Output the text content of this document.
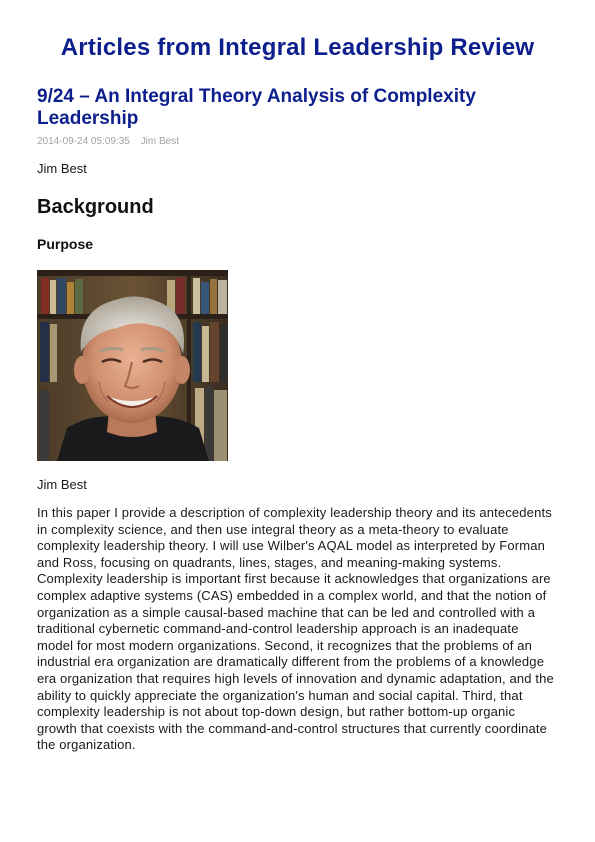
Articles from Integral Leadership Review
9/24 – An Integral Theory Analysis of Complexity Leadership
2014-09-24 05:09:35 Jim Best
Jim Best
Background
Purpose
Jim Best

In this paper I provide a description of complexity leadership theory and its antecedents in complexity science, and then use integral theory as a meta-theory to evaluate complexity leadership theory. I will use Wilber's AQAL model as interpreted by Forman and Ross, focusing on quadrants, lines, stages, and meaning-making systems. Complexity leadership is important first because it acknowledges that organizations are complex adaptive systems (CAS) embedded in a complex world, and that the notion of organization as a simple causal-based machine that can be led and controlled with a traditional cybernetic command-and-control leadership approach is an inadequate model for most modern organizations. Second, it recognizes that the problems of an industrial era organization are dramatically different from the problems of a knowledge era organization that requires high levels of innovation and dynamic adaptation, and the ability to quickly appreciate the organization's human and social capital. Third, that complexity leadership is not about top-down design, but rather bottom-up organic growth that coexists with the command-and-control structures that currently coordinate the organization.
